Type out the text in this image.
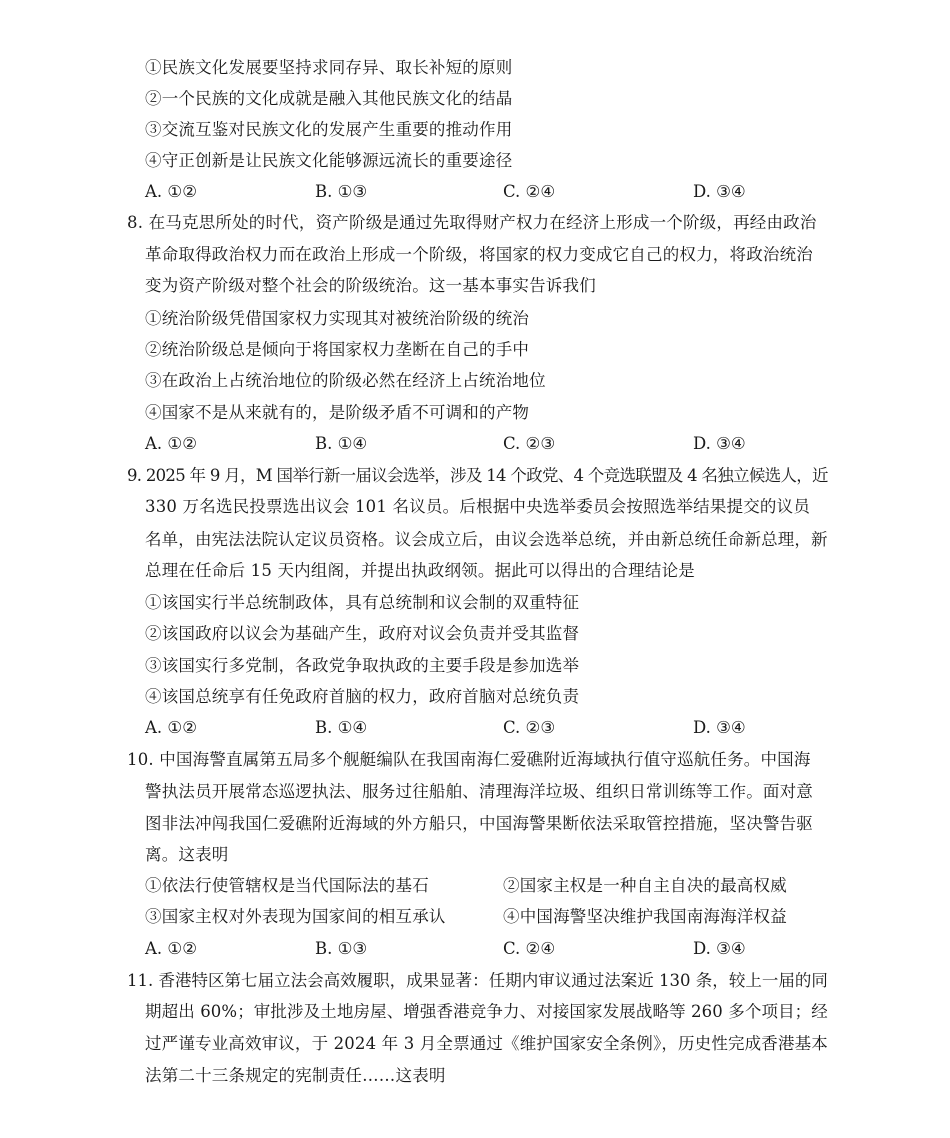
①民族文化发展要坚持求同存异、取长补短的原则
②一个民族的文化成就是融入其他民族文化的结晶
③交流互鉴对民族文化的发展产生重要的推动作用
④守正创新是让民族文化能够源远流长的重要途径
A. ①②	B. ①③	C. ②④	D. ③④
8. 在马克思所处的时代，资产阶级是通过先取得财产权力在经济上形成一个阶级，再经由政治
革命取得政治权力而在政治上形成一个阶级，将国家的权力变成它自己的权力，将政治统治
变为资产阶级对整个社会的阶级统治。这一基本事实告诉我们
①统治阶级凭借国家权力实现其对被统治阶级的统治
②统治阶级总是倾向于将国家权力垄断在自己的手中
③在政治上占统治地位的阶级必然在经济上占统治地位
④国家不是从来就有的，是阶级矛盾不可调和的产物
A. ①②	B. ①④	C. ②③	D. ③④
9. 2025 年 9 月，M 国举行新一届议会选举，涉及 14 个政党、4 个竞选联盟及 4 名独立候选人，近
330 万名选民投票选出议会 101 名议员。后根据中央选举委员会按照选举结果提交的议员
名单，由宪法法院认定议员资格。议会成立后，由议会选举总统，并由新总统任命新总理，新
总理在任命后 15 天内组阁，并提出执政纲领。据此可以得出的合理结论是
①该国实行半总统制政体，具有总统制和议会制的双重特征
②该国政府以议会为基础产生，政府对议会负责并受其监督
③该国实行多党制，各政党争取执政的主要手段是参加选举
④该国总统享有任免政府首脑的权力，政府首脑对总统负责
A. ①②	B. ①④	C. ②③	D. ③④
10. 中国海警直属第五局多个舰艇编队在我国南海仁爱礁附近海域执行值守巡航任务。中国海
警执法员开展常态巡逻执法、服务过往船舶、清理海洋垃圾、组织日常训练等工作。面对意
图非法冲闯我国仁爱礁附近海域的外方船只，中国海警果断依法采取管控措施，坚决警告驱
离。这表明
①依法行使管辖权是当代国际法的基石	②国家主权是一种自主自决的最高权威
③国家主权对外表现为国家间的相互承认	④中国海警坚决维护我国南海海洋权益
A. ①②	B. ①③	C. ②④	D. ③④
11. 香港特区第七届立法会高效履职，成果显著：任期内审议通过法案近 130 条，较上一届的同
期超出 60%；审批涉及土地房屋、增强香港竞争力、对接国家发展战略等 260 多个项目；经
过严谨专业高效审议，于 2024 年 3 月全票通过《维护国家安全条例》，历史性完成香港基本
法第二十三条规定的宪制责任……这表明
